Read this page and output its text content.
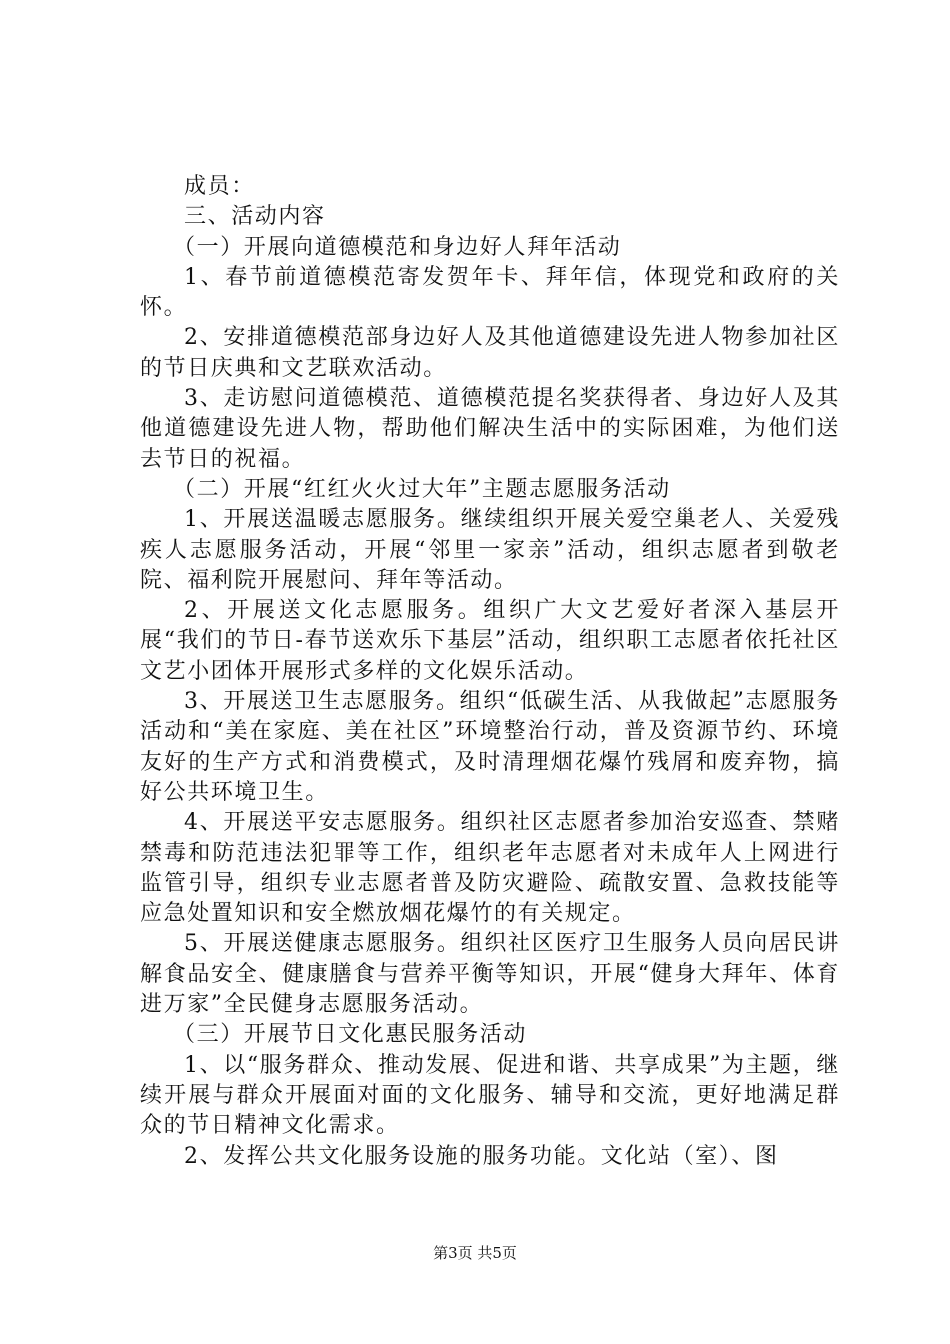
成员：

三、活动内容

（一）开展向道德模范和身边好人拜年活动

1、春节前道德模范寄发贺年卡、拜年信，体现党和政府的关怀。

2、安排道德模范部身边好人及其他道德建设先进人物参加社区的节日庆典和文艺联欢活动。

3、走访慰问道德模范、道德模范提名奖获得者、身边好人及其他道德建设先进人物，帮助他们解决生活中的实际困难，为他们送去节日的祝福。

（二）开展“红红火火过大年”主题志愿服务活动

1、开展送温暖志愿服务。继续组织开展关爱空巢老人、关爱残疾人志愿服务活动，开展“邻里一家亲”活动，组织志愿者到敬老院、福利院开展慰问、拜年等活动。

2、开展送文化志愿服务。组织广大文艺爱好者深入基层开展“我们的节日-春节送欢乐下基层”活动，组织职工志愿者依托社区文艺小团体开展形式多样的文化娱乐活动。

3、开展送卫生志愿服务。组织“低碳生活、从我做起”志愿服务活动和“美在家庭、美在社区”环境整治行动，普及资源节约、环境友好的生产方式和消费模式，及时清理烟花爆竹残屑和废弃物，搞好公共环境卫生。

4、开展送平安志愿服务。组织社区志愿者参加治安巡查、禁赌禁毒和防范违法犯罪等工作，组织老年志愿者对未成年人上网进行监管引导，组织专业志愿者普及防灾避险、疏散安置、急救技能等应急处置知识和安全燃放烟花爆竹的有关规定。

5、开展送健康志愿服务。组织社区医疗卫生服务人员向居民讲解食品安全、健康膳食与营养平衡等知识，开展“健身大拜年、体育进万家”全民健身志愿服务活动。

（三）开展节日文化惠民服务活动

1、以“服务群众、推动发展、促进和谐、共享成果”为主题，继续开展与群众开展面对面的文化服务、辅导和交流，更好地满足群众的节日精神文化需求。

2、发挥公共文化服务设施的服务功能。文化站（室）、图

第3页 共5页
